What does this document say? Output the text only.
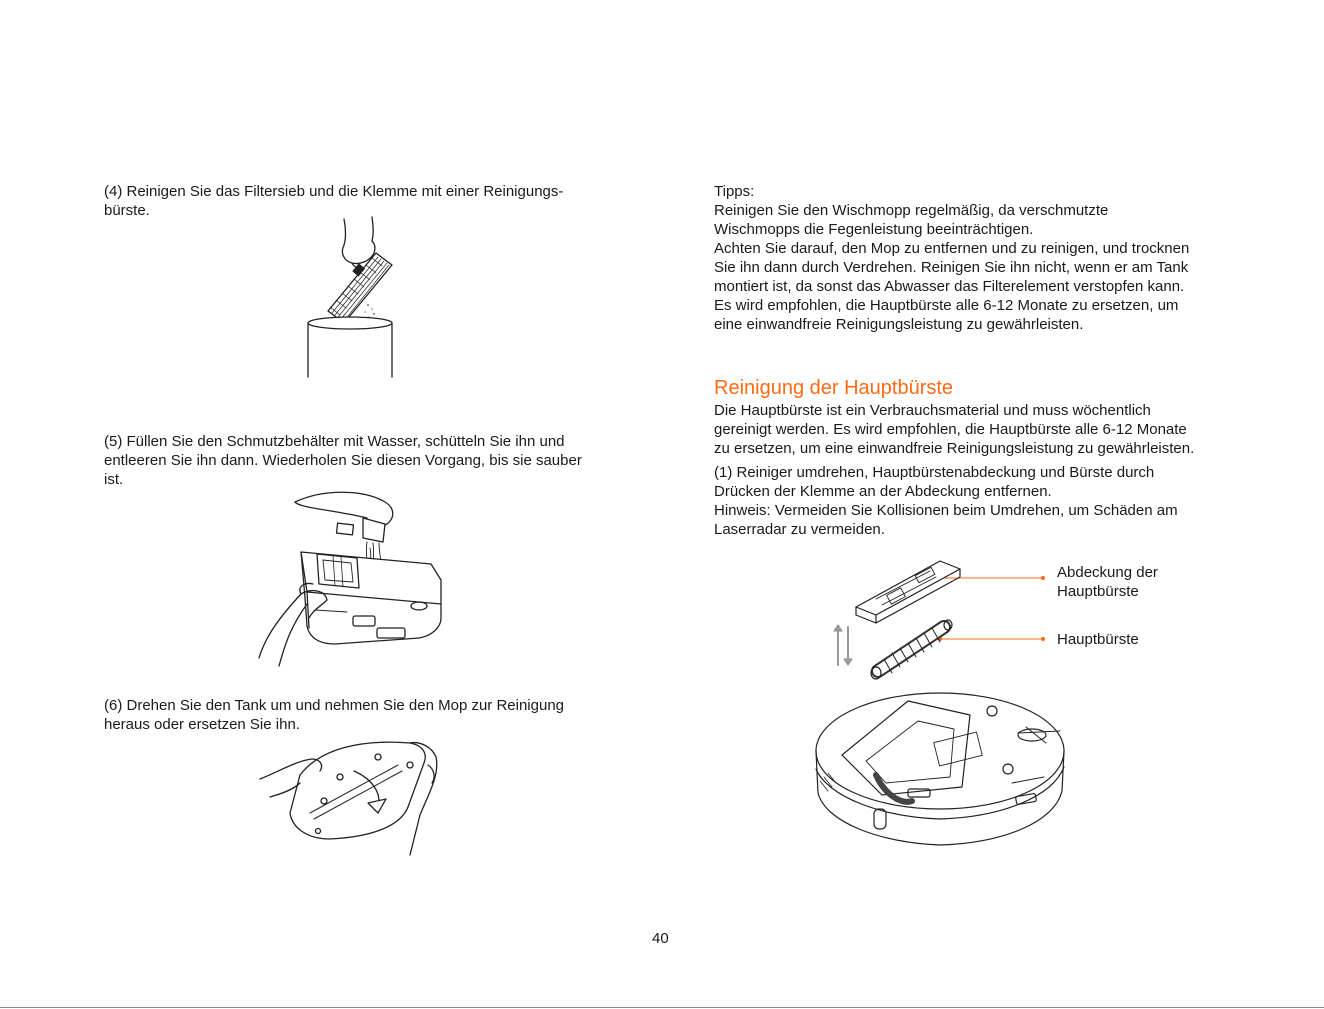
(4) Reinigen Sie das Filtersieb und die Klemme mit einer Reinigungs-
bürste.

(5) Füllen Sie den Schmutzbehälter mit Wasser, schütteln Sie ihn und
entleeren Sie ihn dann. Wiederholen Sie diesen Vorgang, bis sie sauber
ist.

(6) Drehen Sie den Tank um und nehmen Sie den Mop zur Reinigung
heraus oder ersetzen Sie ihn.

Tipps:
Reinigen Sie den Wischmopp regelmäßig, da verschmutzte
Wischmopps die Fegenleistung beeinträchtigen.
Achten Sie darauf, den Mop zu entfernen und zu reinigen, und trocknen
Sie ihn dann durch Verdrehen. Reinigen Sie ihn nicht, wenn er am Tank
montiert ist, da sonst das Abwasser das Filterelement verstopfen kann.
Es wird empfohlen, die Hauptbürste alle 6-12 Monate zu ersetzen, um
eine einwandfreie Reinigungsleistung zu gewährleisten.

Reinigung der Hauptbürste

Die Hauptbürste ist ein Verbrauchsmaterial und muss wöchentlich
gereinigt werden. Es wird empfohlen, die Hauptbürste alle 6-12 Monate
zu ersetzen, um eine einwandfreie Reinigungsleistung zu gewährleisten.

(1) Reiniger umdrehen, Hauptbürstenabdeckung und Bürste durch
Drücken der Klemme an der Abdeckung entfernen.
Hinweis: Vermeiden Sie Kollisionen beim Umdrehen, um Schäden am
Laserradar zu vermeiden.

Abdeckung der
Hauptbürste

Hauptbürste

40
